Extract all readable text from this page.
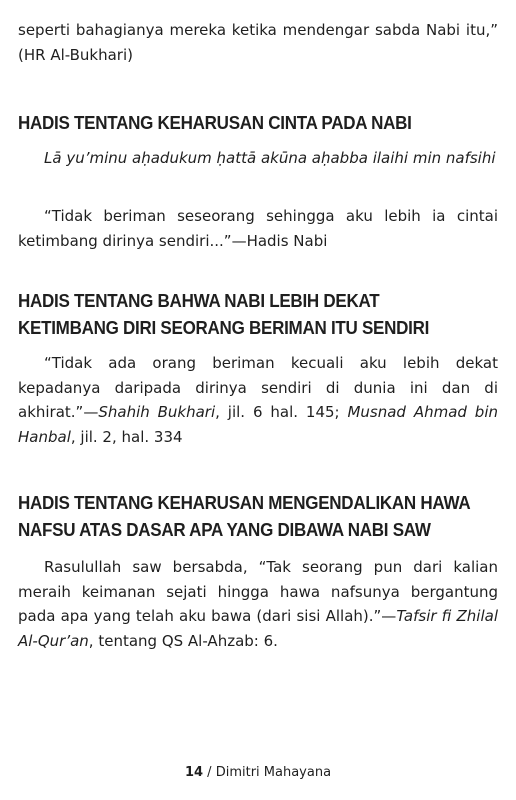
seperti bahagianya mereka ketika mendengar sabda Nabi itu,” (HR Al-Bukhari)

HADIS TENTANG KEHARUSAN CINTA PADA NABI

Lā yu’minu aḥadukum ḥattā akūna aḥabba ilaihi min nafsihi

“Tidak beriman seseorang sehingga aku lebih ia cintai ketimbang dirinya sendiri...”—Hadis Nabi

HADIS TENTANG BAHWA NABI LEBIH DEKAT
KETIMBANG DIRI SEORANG BERIMAN ITU SENDIRI

“Tidak ada orang beriman kecuali aku lebih dekat kepadanya daripada dirinya sendiri di dunia ini dan di akhirat.”—Shahih Bukhari, jil. 6 hal. 145; Musnad Ahmad bin Hanbal, jil. 2, hal. 334

HADIS TENTANG KEHARUSAN MENGENDALIKAN HAWA
NAFSU ATAS DASAR APA YANG DIBAWA NABI SAW

Rasulullah saw bersabda, “Tak seorang pun dari kalian meraih keimanan sejati hingga hawa nafsunya bergantung pada apa yang telah aku bawa (dari sisi Allah).”—Tafsir fi Zhilal Al-Qur’an, tentang QS Al-Ahzab: 6.

14 / Dimitri Mahayana
